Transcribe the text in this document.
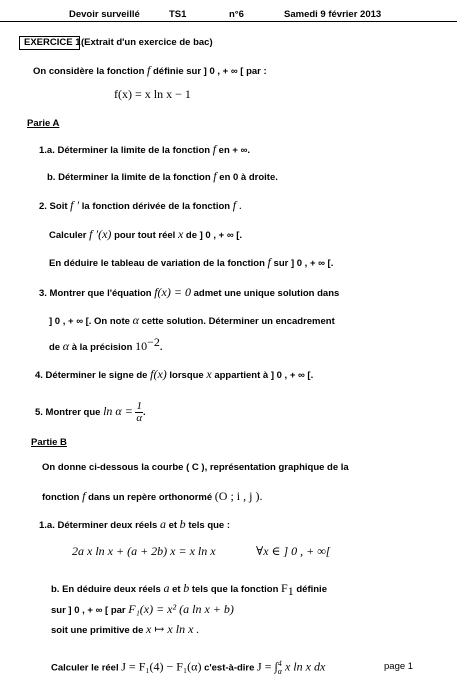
Devoir surveillé	TS1	n°6	Samedi 9 février 2013
EXERCICE 1 (Extrait d'un exercice de bac)
On considère la fonction f définie sur ] 0 , + ∞ [ par :
f(x) = x ln x − 1
Parie A
1.a. Déterminer la limite de la fonction f en + ∞.
b. Déterminer la limite de la fonction f en 0 à droite.
2. Soit f ′ la fonction dérivée de la fonction f .
Calculer f ′(x) pour tout réel x de ] 0 , + ∞ [.
En déduire le tableau de variation de la fonction f sur ] 0 , + ∞ [.
3. Montrer que l'équation f(x) = 0 admet une unique solution dans
] 0 , + ∞ [. On note α cette solution. Déterminer un encadrement
de α à la précision $10^{-2}$.
4. Déterminer le signe de f(x) lorsque x appartient à ] 0 , + ∞ [.
5. Montrer que $\ln \alpha = \frac{1}{\alpha}$ .
Partie B
On donne ci-dessous la courbe ( C ), représentation graphique de la
fonction f dans un repère orthonormé (O ; i , j ).
1.a. Déterminer deux réels a et b tels que :
2a x ln x + (a + 2b) x = x ln x	∀x ∈ ] 0 , + ∞[
b. En déduire deux réels a et b tels que la fonction $F_1$ définie
sur ] 0 , + ∞ [ par F₁(x) = x² (a ln x + b)
soit une primitive de x ↦ x ln x .
Calculer le réel J = F₁(4) − F₁(α) c'est-à-dire J = ∫ 4
α x ln x dx	page 1
